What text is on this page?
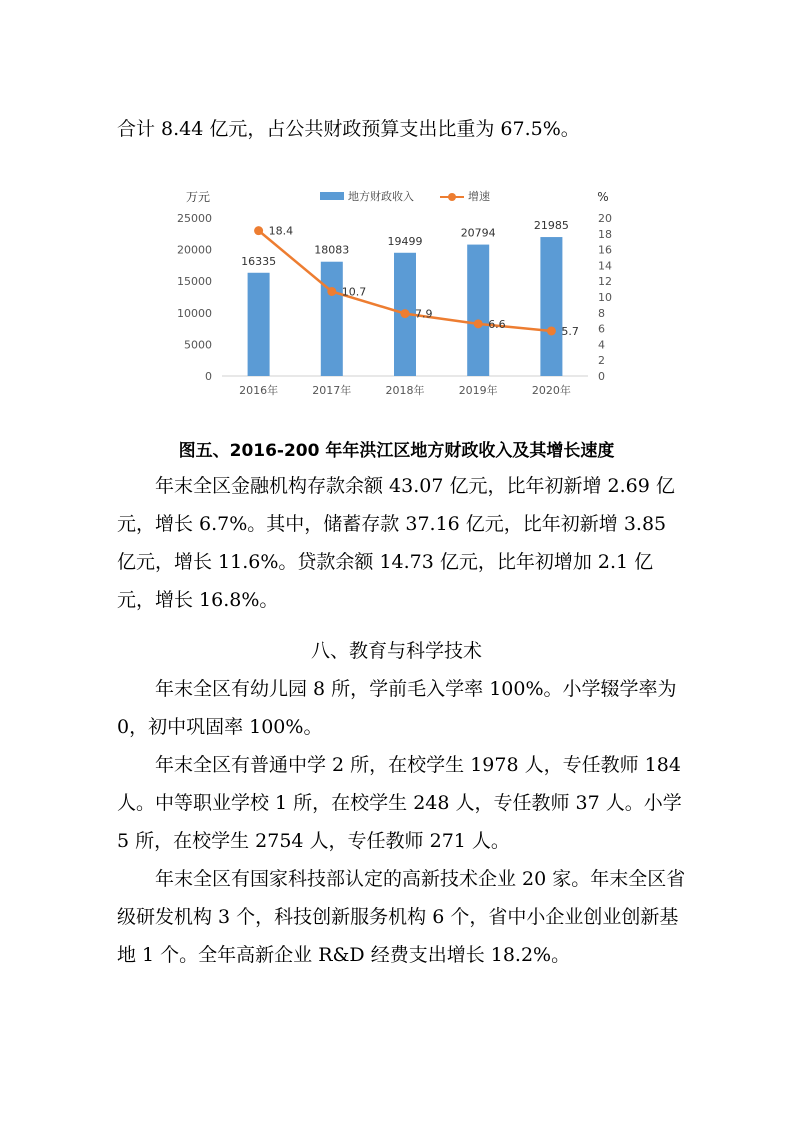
合计 8.44 亿元，占公共财政预算支出比重为 67.5%。

万元	%
地方财政收入	增速
0
5000
10000
15000
20000
25000
0
2
4
6
8
10
12
14
16
18
20
16335
18083
19499
20794
21985
2016年	2017年	2018年	2019年	2020年
18.4
10.7
7.9
6.6
5.7
图五、2016-200 年年洪江区地方财政收入及其增长速度

年末全区金融机构存款余额 43.07 亿元，比年初新增 2.69 亿元，增长 6.7%。其中，储蓄存款 37.16 亿元，比年初新增 3.85 亿元，增长 11.6%。贷款余额 14.73 亿元，比年初增加 2.1 亿元，增长 16.8%。

八、教育与科学技术

年末全区有幼儿园 8 所，学前毛入学率 100%。小学辍学率为 0，初中巩固率 100%。

年末全区有普通中学 2 所，在校学生 1978 人，专任教师 184 人。中等职业学校 1 所，在校学生 248 人，专任教师 37 人。小学 5 所，在校学生 2754 人，专任教师 271 人。

年末全区有国家科技部认定的高新技术企业 20 家。年末全区省级研发机构 3 个，科技创新服务机构 6 个，省中小企业创业创新基地 1 个。全年高新企业 R&D 经费支出增长 18.2%。
